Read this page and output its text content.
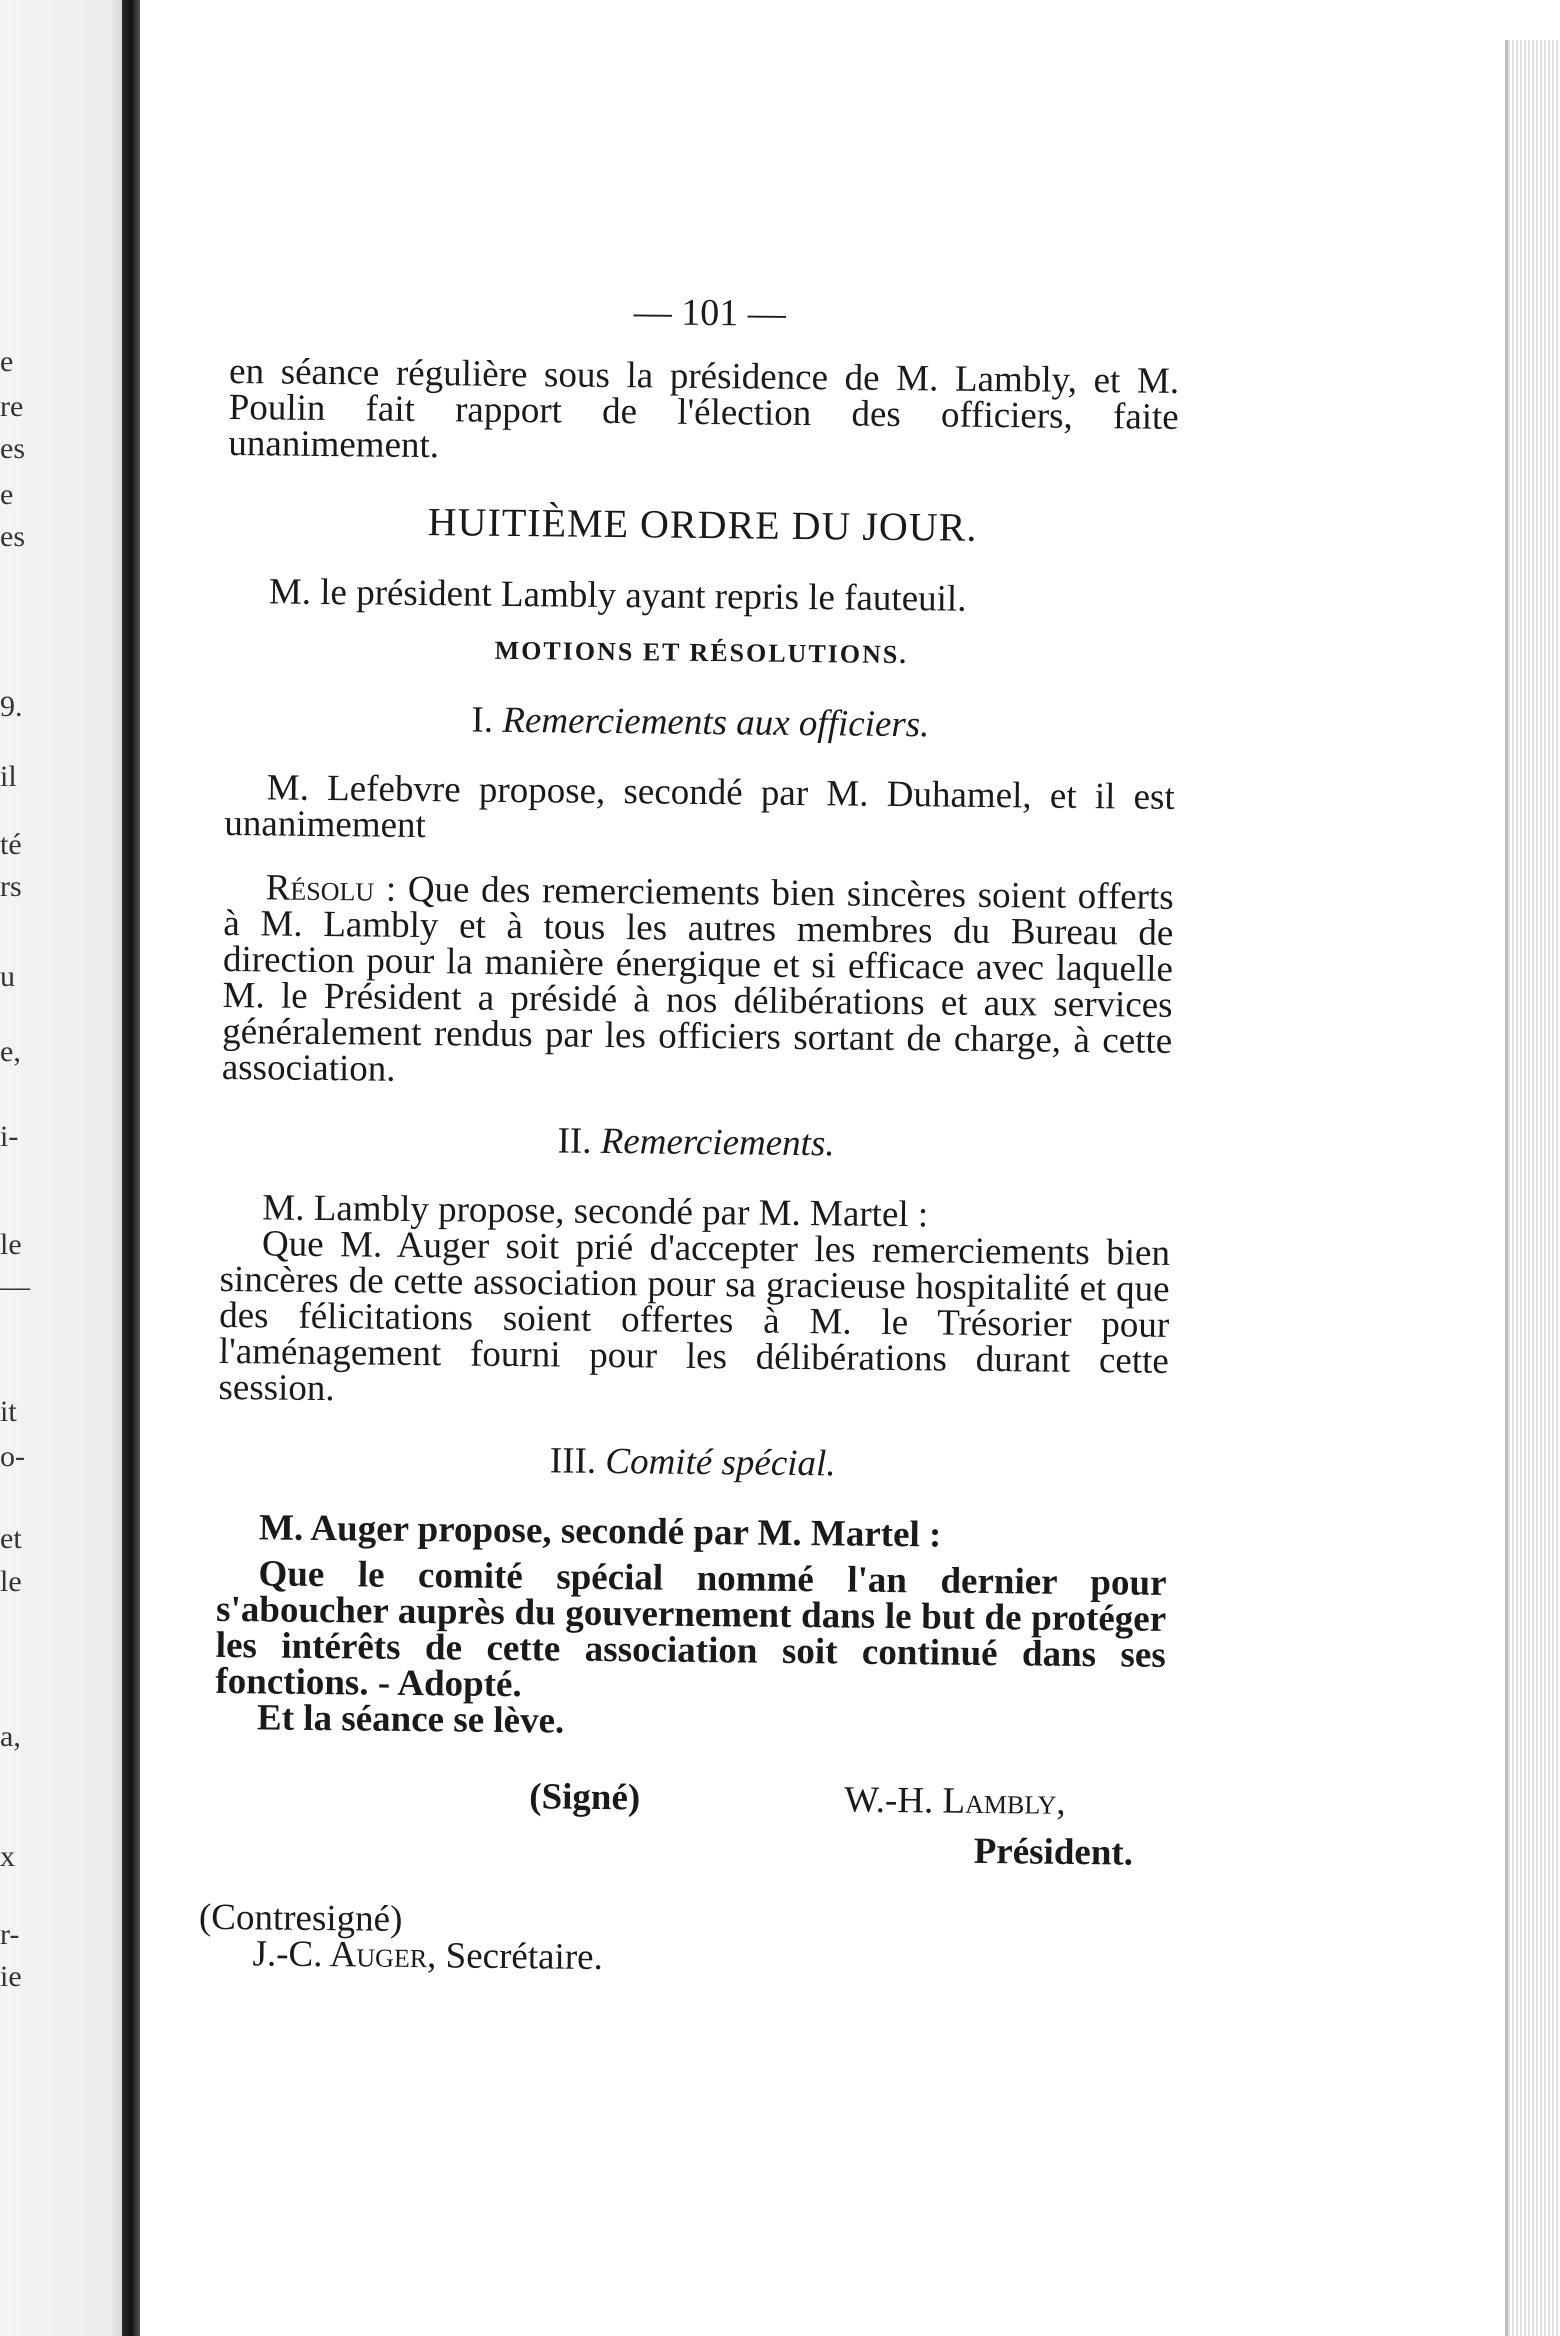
e
re
es
e
es
9.
il
té
rs
u
e,
i-
le
—
it
o-
et
le
a,
x
r-
ie
— 101 —
en séance régulière sous la présidence de M. Lambly, et M. Poulin fait rapport de l'élection des officiers, faite unanimement.
HUITIÈME ORDRE DU JOUR.
M. le président Lambly ayant repris le fauteuil.
MOTIONS ET RÉSOLUTIONS.
I. Remerciements aux officiers.
M. Lefebvre propose, secondé par M. Duhamel, et il est unanimement
Résolu : Que des remerciements bien sincères soient offerts à M. Lambly et à tous les autres membres du Bureau de direction pour la manière énergique et si efficace avec laquelle M. le Président a présidé à nos délibérations et aux services généralement rendus par les officiers sortant de charge, à cette association.
II. Remerciements.
M. Lambly propose, secondé par M. Martel :
Que M. Auger soit prié d'accepter les remerciements bien sincères de cette association pour sa gracieuse hospitalité et que des félicitations soient offertes à M. le Trésorier pour l'aménagement fourni pour les délibérations durant cette session.
III. Comité spécial.
M. Auger propose, secondé par M. Martel :
Que le comité spécial nommé l'an dernier pour s'aboucher auprès du gouvernement dans le but de protéger les intérêts de cette association soit continué dans ses fonctions. - Adopté.
Et la séance se lève.
(Signé)	W.-H. Lambly,
Président.
(Contresigné)
J.-C. Auger, Secrétaire.
